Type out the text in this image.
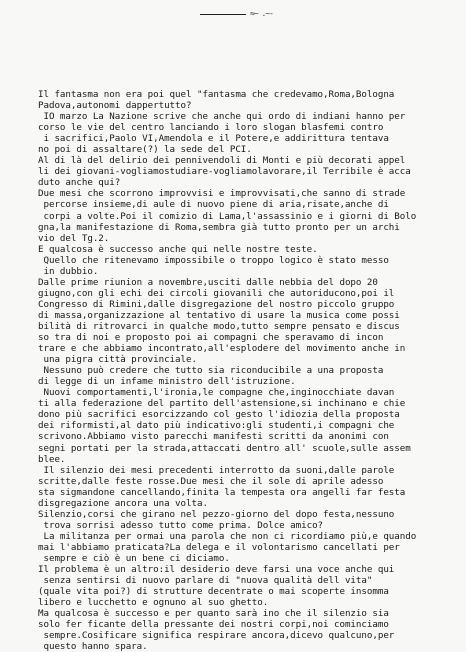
≈~ .~-
Il fantasma non era poi quel "fantasma che credevamo,Roma,Bologna
Padova,autonomi dappertutto?
IO marzo La Nazione scrive che anche qui ordo di indiani hanno per
corso le vie del centro lanciando i loro slogan blasfemi contro
i sacrifici,Paolo VI,Amendola e il Potere,e addirittura tentava
no poi di assaltare(?) la sede del PCI.
Al di là del delirio dei pennivendoli di Monti e più decorati appel
li dei giovani-vogliamostudiare-vogliamolavorare,il Terribile è acca
duto anche qui?
Due mesi che scorrono improvvisi e improvvisati,che sanno di strade
percorse insieme,di aule di nuovo piene di aria,risate,anche di
corpi a volte.Poi il comizio di Lama,l'assassinio e i giorni di Bolo
gna,la manifestazione di Roma,sembra già tutto pronto per un archi
vio del Tg.2.
E qualcosa è successo anche qui nelle nostre teste.
Quello che ritenevamo impossibile o troppo logico è stato messo
in dubbio.
Dalle prime riunion a novembre,usciti dalle nebbia del dopo 20
giugno,con gli echi dei circoli giovanili che autoriducono,poi il
Congresso di Rimini,dalle disgregazione del nostro piccolo gruppo
di massa,organizzazione al tentativo di usare la musica come possi
bilità di ritrovarci in qualche modo,tutto sempre pensato e discus
so tra di noi e proposto poi ai compagni che speravamo di incon
trare e che abbiamo incontrato,all'esplodere del movimento anche in
una pigra città provinciale.
Nessuno può credere che tutto sia riconducibile a una proposta
di legge di un infame ministro dell'istruzione.
Nuovi comportamenti,l'ironia,le compagne che,inginocchiate davan
ti alla federazione del partito dell'astensione,si inchinano e chie
dono più sacrifici esorcizzando col gesto l'idiozia della proposta
dei riformisti,al dato più indicativo:gli studenti,i compagni che
scrivono.Abbiamo visto parecchi manifesti scritti da anonimi con
segni portati per la strada,attaccati dentro all' scuole,sulle assem
blee.
Il silenzio dei mesi precedenti interrotto da suoni,dalle parole
scritte,dalle feste rosse.Due mesi che il sole di aprile adesso
sta sigmandone cancellando,finita la tempesta ora angelli far festa
disgregazione ancora una volta.
Silenzio,corsi che girano nel pezzo-giorno del dopo festa,nessuno
trova sorrisi adesso tutto come prima. Dolce amico?
La militanza per ormai una parola che non ci ricordiamo più,e quando
mai l'abbiamo praticata?La delega e il volontarismo cancellati per
sempre e ciò è un bene ci diciamo.
Il problema è un altro:il desiderio deve farsi una voce anche qui
senza sentirsi di nuovo parlare di "nuova qualità dell vita"
(quale vita poi?) di strutture decentrate o mai scoperte insomma
libero e lucchetto e ognuno al suo ghetto.
Ma qualcosa è successo e per quanto sarà ino che il silenzio sia
solo fer ficante della pressante dei nostri corpi,noi cominciamo
sempre.Cosificare significa respirare ancora,dicevo qualcuno,per
questo hanno spara.
